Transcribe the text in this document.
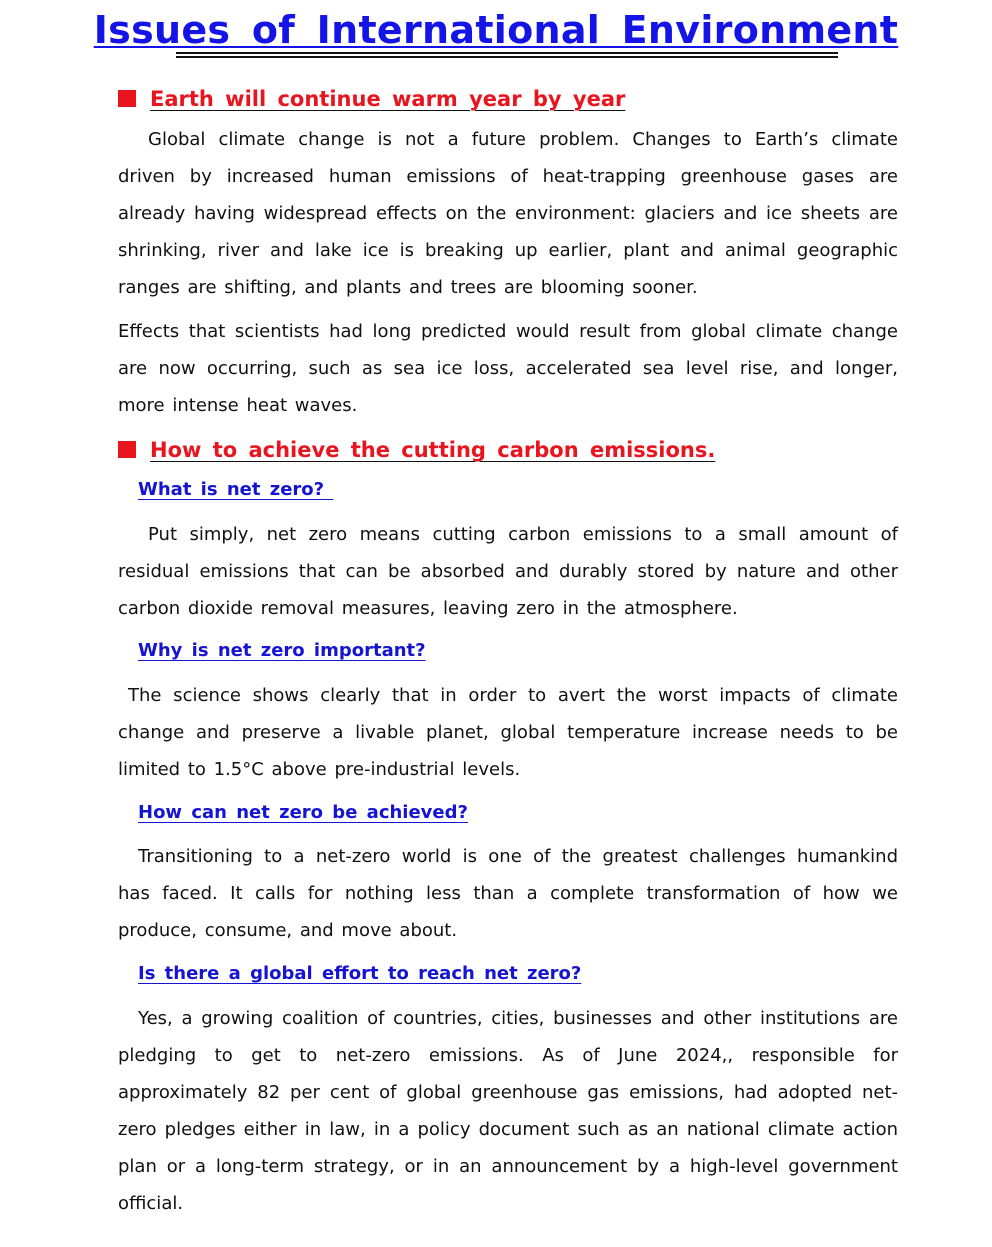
Issues of International Environment
Earth will continue warm year by year

Global climate change is not a future problem. Changes to Earth’s climate driven by increased human emissions of heat-trapping greenhouse gases are already having widespread effects on the environment: glaciers and ice sheets are shrinking, river and lake ice is breaking up earlier, plant and animal geographic ranges are shifting, and plants and trees are blooming sooner.

Effects that scientists had long predicted would result from global climate change are now occurring, such as sea ice loss, accelerated sea level rise, and longer, more intense heat waves.

How to achieve the cutting carbon emissions.
What is net zero?

Put simply, net zero means cutting carbon emissions to a small amount of residual emissions that can be absorbed and durably stored by nature and other carbon dioxide removal measures, leaving zero in the atmosphere.

Why is net zero important?

The science shows clearly that in order to avert the worst impacts of climate change and preserve a livable planet, global temperature increase needs to be limited to 1.5°C above pre-industrial levels.

How can net zero be achieved?

Transitioning to a net-zero world is one of the greatest challenges humankind has faced. It calls for nothing less than a complete transformation of how we produce, consume, and move about.

Is there a global effort to reach net zero?

Yes, a growing coalition of countries, cities, businesses and other institutions are pledging to get to net-zero emissions. As of June 2024,, responsible for approximately 82 per cent of global greenhouse gas emissions, had adopted net-zero pledges either in law, in a policy document such as an national climate action plan or a long-term strategy, or in an announcement by a high-level government official.
